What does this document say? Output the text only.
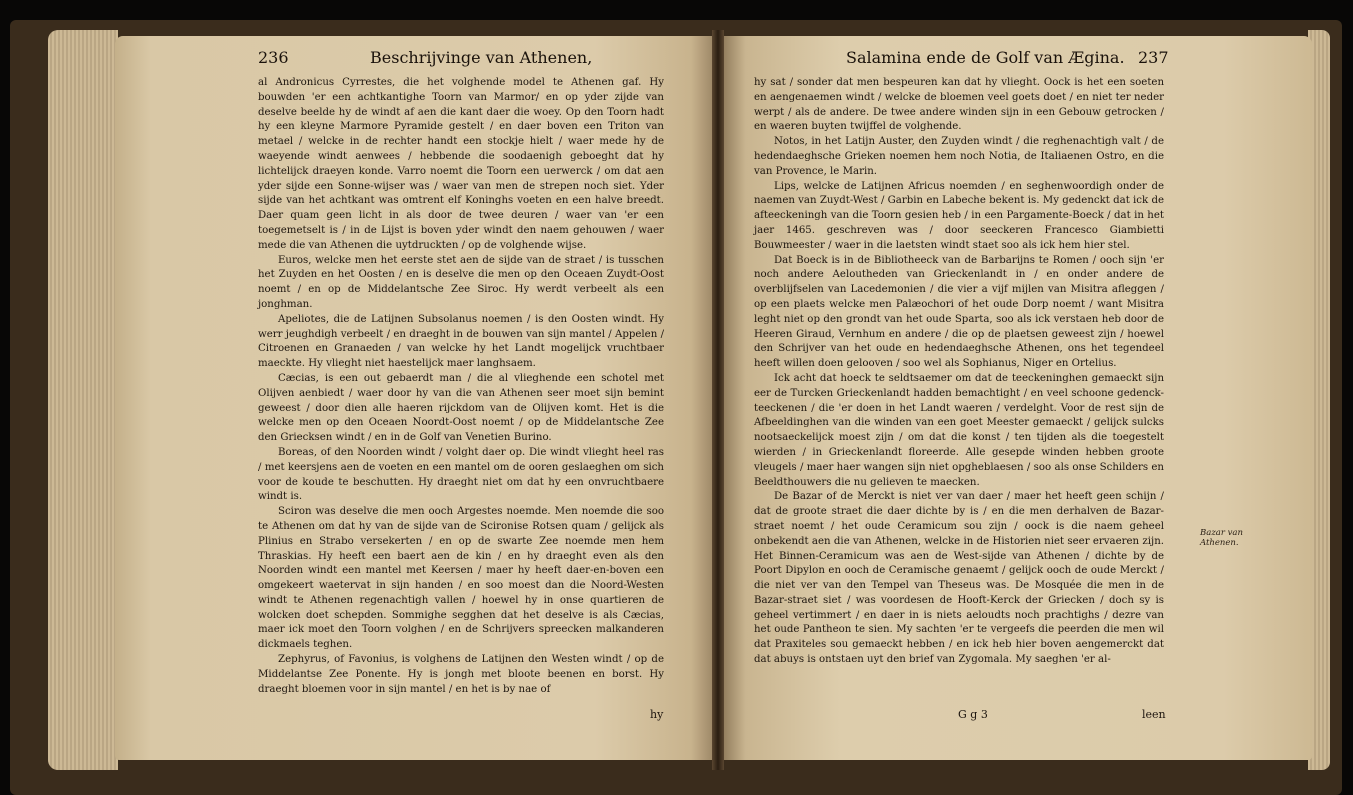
236	Beschrijvinge van Athenen,	Salamina ende de Golf van Ægina. 237

al Andronicus Cyrrestes, die het volghende model te Athenen gaf. Hy bouwden 'er een achtkantighe Toorn van Marmor/ en op yder zijde van deselve beelde hy de windt af aen die kant daer die woey. Op den Toorn hadt hy een kleyne Marmore Pyramide gestelt / en daer boven een Triton van metael / welcke in de rechter handt een stockje hielt / waer mede hy de waeyende windt aenwees / hebbende die soodaenigh geboeght dat hy lichtelijck draeyen konde. Varro noemt die Toorn een uerwerck / om dat aen yder sijde een Sonne-wijser was / waer van men de strepen noch siet. Yder sijde van het achtkant was omtrent elf Koninghs voeten en een halve breedt. Daer quam geen licht in als door de twee deuren / waer van 'er een toegemetselt is / in de Lijst is boven yder windt den naem gehouwen / waer mede die van Athenen die uytdruckten / op de volghende wijse.

Euros, welcke men het eerste stet aen de sijde van de straet / is tusschen het Zuyden en het Oosten / en is deselve die men op den Oceaen Zuydt-Oost noemt / en op de Middelantsche Zee Siroc. Hy werdt verbeelt als een jonghman.

Apeliotes, die de Latijnen Subsolanus noemen / is den Oosten windt. Hy werr jeughdigh verbeelt / en draeght in de bouwen van sijn mantel / Appelen / Citroenen en Granaeden / van welcke hy het Landt mogelijck vruchtbaer maeckte. Hy vlieght niet haestelijck maer langhsaem.

Cæcias, is een out gebaerdt man / die al vlieghende een schotel met Olijven aenbiedt / waer door hy van die van Athenen seer moet sijn bemint geweest / door dien alle haeren rijckdom van de Olijven komt. Het is die welcke men op den Oceaen Noordt-Oost noemt / op de Middelantsche Zee den Griecksen windt / en in de Golf van Venetien Burino.

Boreas, of den Noorden windt / volght daer op. Die windt vlieght heel ras / met keersjens aen de voeten en een mantel om de ooren geslaeghen om sich voor de koude te beschutten. Hy draeght niet om dat hy een onvruchtbaere windt is.

Sciron was deselve die men ooch Argestes noemde. Men noemde die soo te Athenen om dat hy van de sijde van de Scironise Rotsen quam / gelijck als Plinius en Strabo versekerten / en op de swarte Zee noemde men hem Thraskias. Hy heeft een baert aen de kin / en hy draeght even als den Noorden windt een mantel met Keersen / maer hy heeft daer-en-boven een omgekeert waetervat in sijn handen / en soo moest dan die Noord-Westen windt te Athenen regenachtigh vallen / hoewel hy in onse quartieren de wolcken doet schepden. Sommighe segghen dat het deselve is als Cæcias, maer ick moet den Toorn volghen / en de Schrijvers spreecken malkanderen dickmaels teghen.

Zephyrus, of Favonius, is volghens de Latijnen den Westen windt / op de Middelantse Zee Ponente. Hy is jongh met bloote beenen en borst. Hy draeght bloemen voor in sijn mantel / en het is by nae of

hy

hy sat / sonder dat men bespeuren kan dat hy vlieght. Oock is het een soeten en aengenaemen windt / welcke de bloemen veel goets doet / en niet ter neder werpt / als de andere. De twee andere winden sijn in een Gebouw getrocken / en waeren buyten twijffel de volghende.

Notos, in het Latijn Auster, den Zuyden windt / die reghenachtigh valt / de hedendaeghsche Grieken noemen hem noch Notia, de Italiaenen Ostro, en die van Provence, le Marin.

Lips, welcke de Latijnen Africus noemden / en seghenwoordigh onder de naemen van Zuydt-West / Garbin en Labeche bekent is. My gedenckt dat ick de afteeckeningh van die Toorn gesien heb / in een Pargamente-Boeck / dat in het jaer 1465. geschreven was / door seeckeren Francesco Giambietti Bouwmeester / waer in die laetsten windt staet soo als ick hem hier stel.

Dat Boeck is in de Bibliotheeck van de Barbarijns te Romen / ooch sijn 'er noch andere Aeloutheden van Grieckenlandt in / en onder andere de overblijfselen van Lacedemonien / die vier a vijf mijlen van Misitra afleggen / op een plaets welcke men Palæochori of het oude Dorp noemt / want Misitra leght niet op den grondt van het oude Sparta, soo als ick verstaen heb door de Heeren Giraud, Vernhum en andere / die op de plaetsen geweest zijn / hoewel den Schrijver van het oude en hedendaeghsche Athenen, ons het tegendeel heeft willen doen gelooven / soo wel als Sophianus, Niger en Ortelius.

Ick acht dat hoeck te seldtsaemer om dat de teeckeninghen gemaeckt sijn eer de Turcken Grieckenlandt hadden bemachtight / en veel schoone gedenck-teeckenen / die 'er doen in het Landt waeren / verdelght. Voor de rest sijn de Afbeeldinghen van die winden van een goet Meester gemaeckt / gelijck sulcks nootsaeckelijck moest zijn / om dat die konst / ten tijden als die toegestelt wierden / in Grieckenlandt floreerde. Alle gesepde winden hebben groote vleugels / maer haer wangen sijn niet opgheblaesen / soo als onse Schilders en Beeldthouwers die nu gelieven te maecken.

De Bazar of de Merckt is niet ver van daer / maer het heeft geen schijn / dat de groote straet die daer dichte by is / en die men derhalven de Bazar-straet noemt / het oude Ceramicum sou zijn / oock is die naem geheel onbekendt aen die van Athenen, welcke in de Historien niet seer ervaeren zijn. Het Binnen-Ceramicum was aen de West-sijde van Athenen / dichte by de Poort Dipylon en ooch de Ceramische genaemt / gelijck ooch de oude Merckt / die niet ver van den Tempel van Theseus was. De Mosquée die men in de Bazar-straet siet / was voordesen de Hooft-Kerck der Griecken / doch sy is geheel vertimmert / en daer in is niets aeloudts noch prachtighs / dezre van het oude Pantheon te sien. My sachten 'er te vergeefs die peerden die men wil dat Praxiteles sou gemaeckt hebben / en ick heb hier boven aengemerckt dat dat abuys is ontstaen uyt den brief van Zygomala. My saeghen 'er al-

Bazar van Athenen.
G g 3	leen
